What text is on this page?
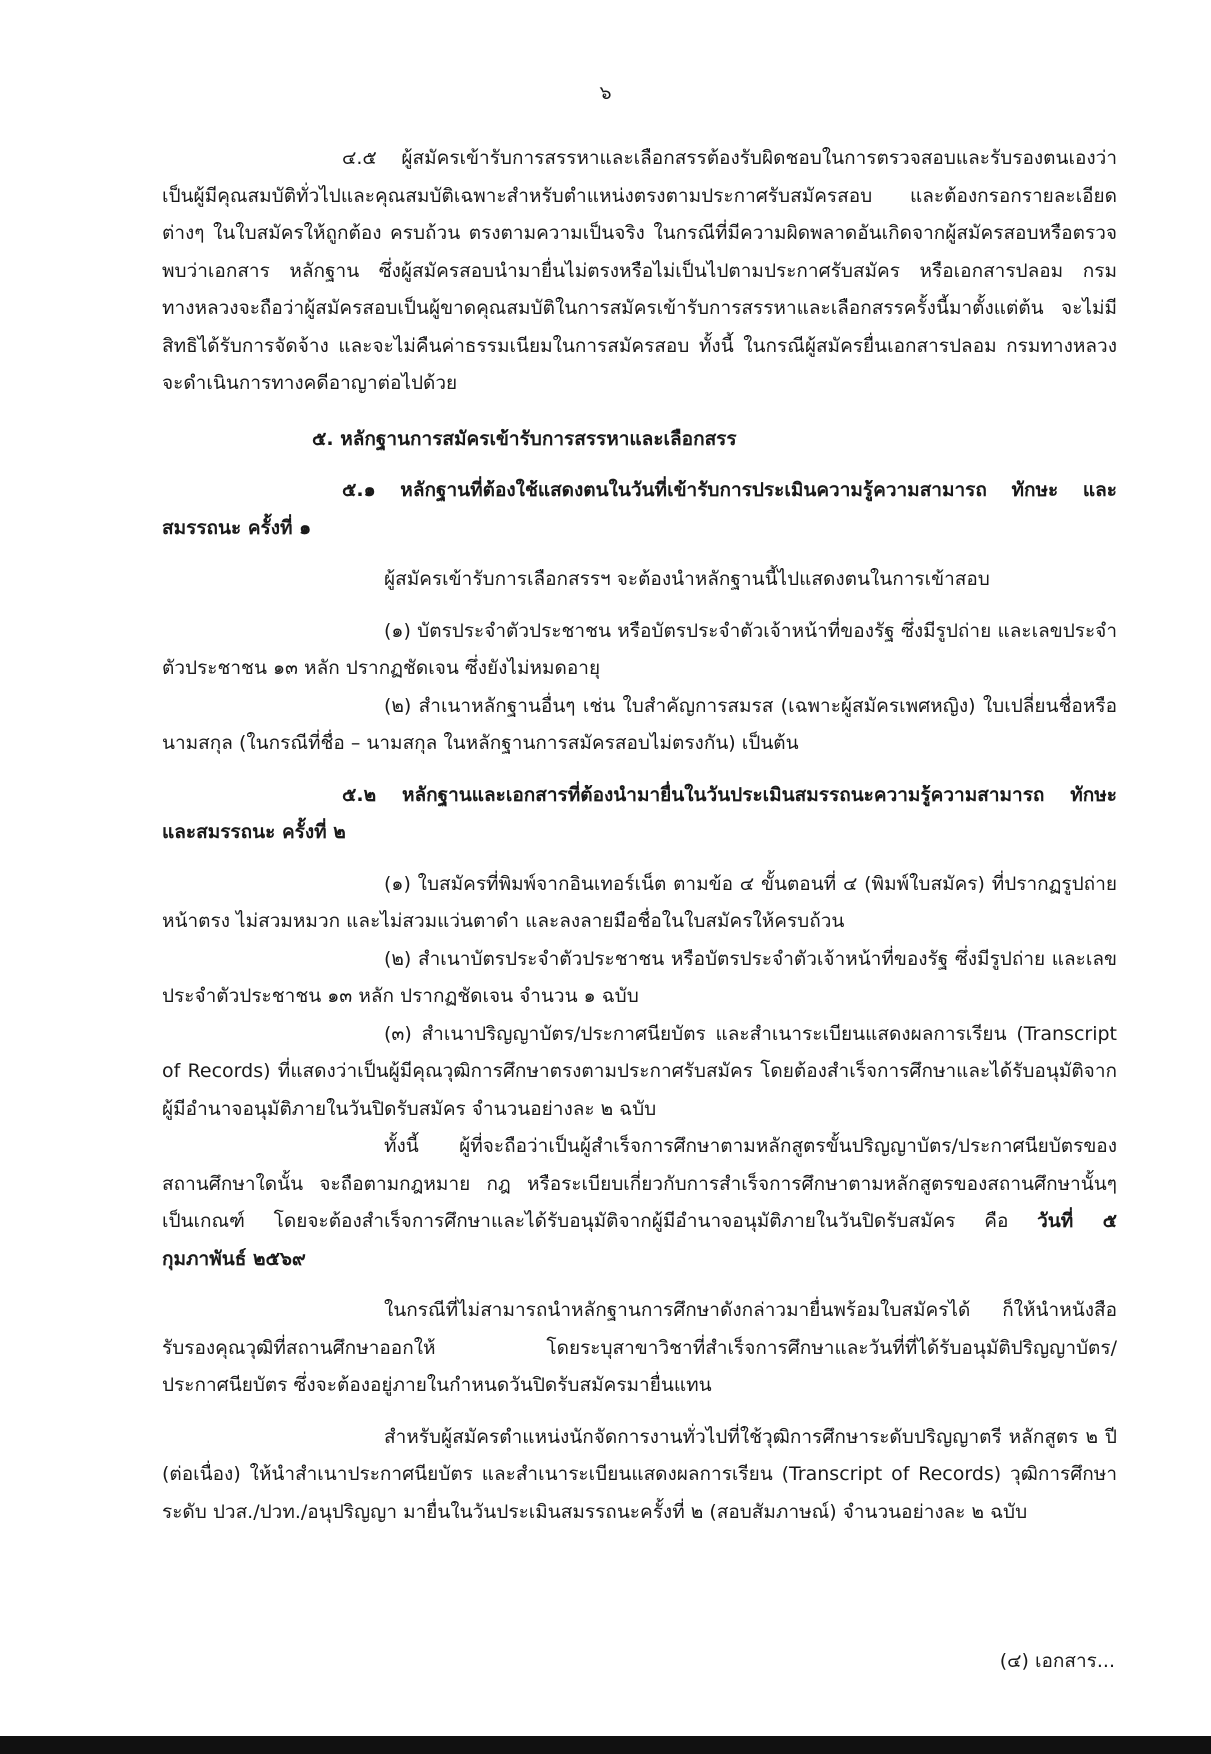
๖

๔.๕ ผู้สมัครเข้ารับการสรรหาและเลือกสรรต้องรับผิดชอบในการตรวจสอบและรับรองตนเองว่า เป็นผู้มีคุณสมบัติทั่วไปและคุณสมบัติเฉพาะสำหรับตำแหน่งตรงตามประกาศรับสมัครสอบ และต้องกรอกรายละเอียดต่างๆ ในใบสมัครให้ถูกต้อง ครบถ้วน ตรงตามความเป็นจริง ในกรณีที่มีความผิดพลาดอันเกิดจากผู้สมัครสอบหรือตรวจพบว่าเอกสาร หลักฐาน ซึ่งผู้สมัครสอบนำมายื่นไม่ตรงหรือไม่เป็นไปตามประกาศรับสมัคร หรือเอกสารปลอม กรมทางหลวงจะถือว่าผู้สมัครสอบเป็นผู้ขาดคุณสมบัติในการสมัครเข้ารับการสรรหาและเลือกสรรครั้งนี้มาตั้งแต่ต้น จะไม่มีสิทธิได้รับการจัดจ้าง และจะไม่คืนค่าธรรมเนียมในการสมัครสอบ ทั้งนี้ ในกรณีผู้สมัครยื่นเอกสารปลอม กรมทางหลวงจะดำเนินการทางคดีอาญาต่อไปด้วย

๕. หลักฐานการสมัครเข้ารับการสรรหาและเลือกสรร

๕.๑ หลักฐานที่ต้องใช้แสดงตนในวันที่เข้ารับการประเมินความรู้ความสามารถ ทักษะ และสมรรถนะ ครั้งที่ ๑

ผู้สมัครเข้ารับการเลือกสรรฯ จะต้องนำหลักฐานนี้ไปแสดงตนในการเข้าสอบ

(๑) บัตรประจำตัวประชาชน หรือบัตรประจำตัวเจ้าหน้าที่ของรัฐ ซึ่งมีรูปถ่าย และเลขประจำตัวประชาชน ๑๓ หลัก ปรากฏชัดเจน ซึ่งยังไม่หมดอายุ

(๒) สำเนาหลักฐานอื่นๆ เช่น ใบสำคัญการสมรส (เฉพาะผู้สมัครเพศหญิง) ใบเปลี่ยนชื่อหรือนามสกุล (ในกรณีที่ชื่อ – นามสกุล ในหลักฐานการสมัครสอบไม่ตรงกัน) เป็นต้น

๕.๒ หลักฐานและเอกสารที่ต้องนำมายื่นในวันประเมินสมรรถนะความรู้ความสามารถ ทักษะ และสมรรถนะ ครั้งที่ ๒

(๑) ใบสมัครที่พิมพ์จากอินเทอร์เน็ต ตามข้อ ๔ ขั้นตอนที่ ๔ (พิมพ์ใบสมัคร) ที่ปรากฏรูปถ่ายหน้าตรง ไม่สวมหมวก และไม่สวมแว่นตาดำ และลงลายมือชื่อในใบสมัครให้ครบถ้วน

(๒) สำเนาบัตรประจำตัวประชาชน หรือบัตรประจำตัวเจ้าหน้าที่ของรัฐ ซึ่งมีรูปถ่าย และเลขประจำตัวประชาชน ๑๓ หลัก ปรากฏชัดเจน จำนวน ๑ ฉบับ

(๓) สำเนาปริญญาบัตร/ประกาศนียบัตร และสำเนาระเบียนแสดงผลการเรียน (Transcript of Records) ที่แสดงว่าเป็นผู้มีคุณวุฒิการศึกษาตรงตามประกาศรับสมัคร โดยต้องสำเร็จการศึกษาและได้รับอนุมัติจากผู้มีอำนาจอนุมัติภายในวันปิดรับสมัคร จำนวนอย่างละ ๒ ฉบับ

ทั้งนี้ ผู้ที่จะถือว่าเป็นผู้สำเร็จการศึกษาตามหลักสูตรขั้นปริญญาบัตร/ประกาศนียบัตรของสถานศึกษาใดนั้น จะถือตามกฎหมาย กฎ หรือระเบียบเกี่ยวกับการสำเร็จการศึกษาตามหลักสูตรของสถานศึกษานั้นๆ เป็นเกณฑ์ โดยจะต้องสำเร็จการศึกษาและได้รับอนุมัติจากผู้มีอำนาจอนุมัติภายในวันปิดรับสมัคร คือ วันที่ ๕ กุมภาพันธ์ ๒๕๖๙

ในกรณีที่ไม่สามารถนำหลักฐานการศึกษาดังกล่าวมายื่นพร้อมใบสมัครได้ ก็ให้นำหนังสือรับรองคุณวุฒิที่สถานศึกษาออกให้ โดยระบุสาขาวิชาที่สำเร็จการศึกษาและวันที่ที่ได้รับอนุมัติปริญญาบัตร/ประกาศนียบัตร ซึ่งจะต้องอยู่ภายในกำหนดวันปิดรับสมัครมายื่นแทน

สำหรับผู้สมัครตำแหน่งนักจัดการงานทั่วไปที่ใช้วุฒิการศึกษาระดับปริญญาตรี หลักสูตร ๒ ปี (ต่อเนื่อง) ให้นำสำเนาประกาศนียบัตร และสำเนาระเบียนแสดงผลการเรียน (Transcript of Records) วุฒิการศึกษาระดับ ปวส./ปวท./อนุปริญญา มายื่นในวันประเมินสมรรถนะครั้งที่ ๒ (สอบสัมภาษณ์) จำนวนอย่างละ ๒ ฉบับ

(๔) เอกสาร...
